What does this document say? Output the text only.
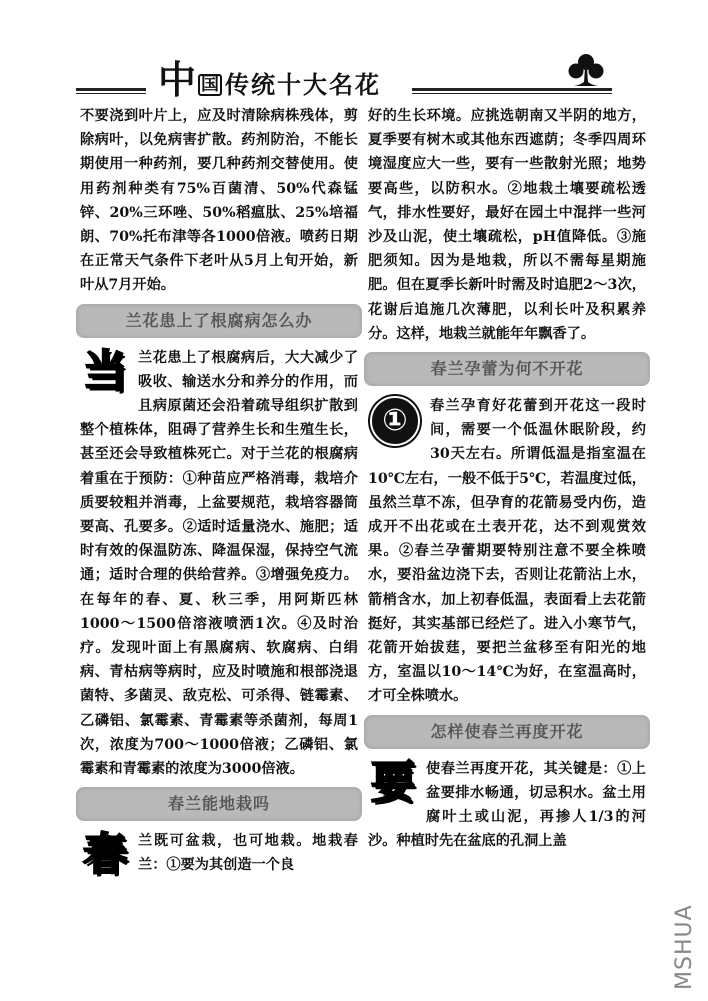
中 国 传统十大名花

不要浇到叶片上，应及时清除病株残体，剪除病叶，以免病害扩散。药剂防治，不能长期使用一种药剂，要几种药剂交替使用。使用药剂种类有75%百菌清、50%代森锰锌、20%三环唑、50%稻瘟肽、25%培福朗、70%托布津等各1000倍液。喷药日期在正常天气条件下老叶从5月上旬开始，新叶从7月开始。

兰花患上了根腐病怎么办
当 兰花患上了根腐病后，大大减少了吸收、输送水分和养分的作用，而且病原菌还会沿着疏导组织扩散到整个植株体，阻碍了营养生长和生殖生长，甚至还会导致植株死亡。对于兰花的根腐病着重在于预防：①种苗应严格消毒，栽培介质要较粗并消毒，上盆要规范，栽培容器筒要高、孔要多。②适时适量浇水、施肥；适时有效的保温防冻、降温保湿，保持空气流通；适时合理的供给营养。③增强免疫力。在每年的春、夏、秋三季，用阿斯匹林1000～1500倍溶液喷洒1次。④及时治疗。发现叶面上有黑腐病、软腐病、白绢病、青枯病等病时，应及时喷施和根部浇退菌特、多菌灵、敌克松、可杀得、链霉素、乙磷铝、氯霉素、青霉素等杀菌剂，每周1次，浓度为700～1000倍液；乙磷铝、氯霉素和青霉素的浓度为3000倍液。

春兰能地栽吗
春 兰既可盆栽，也可地栽。地栽春兰：①要为其创造一个良

好的生长环境。应挑选朝南又半阴的地方，夏季要有树木或其他东西遮荫；冬季四周环境湿度应大一些，要有一些散射光照；地势要高些，以防积水。②地栽土壤要疏松透气，排水性要好，最好在园土中混拌一些河沙及山泥，使土壤疏松，pH值降低。③施肥须知。因为是地栽，所以不需每星期施肥。但在夏季长新叶时需及时追肥2～3次，花谢后追施几次薄肥，以利长叶及积累养分。这样，地栽兰就能年年飘香了。

春兰孕蕾为何不开花
①	春兰孕育好花蕾到开花这一段时间，需要一个低温休眠阶段，约30天左右。所谓低温是指室温在10℃左右，一般不低于5℃，若温度过低，虽然兰草不冻，但孕育的花箭易受内伤，造成开不出花或在土表开花，达不到观赏效果。②春兰孕蕾期要特别注意不要全株喷水，要沿盆边浇下去，否则让花箭沾上水，箭梢含水，加上初春低温，表面看上去花箭挺好，其实基部已经烂了。进入小寒节气，花箭开始拔莛，要把兰盆移至有阳光的地方，室温以10～14℃为好，在室温高时，才可全株喷水。

怎样使春兰再度开花
要 使春兰再度开花，其关键是：①上盆要排水畅通，切忌积水。盆土用腐叶土或山泥，再掺人1/3的河沙。种植时先在盆底的孔洞上盖

MSHUA
